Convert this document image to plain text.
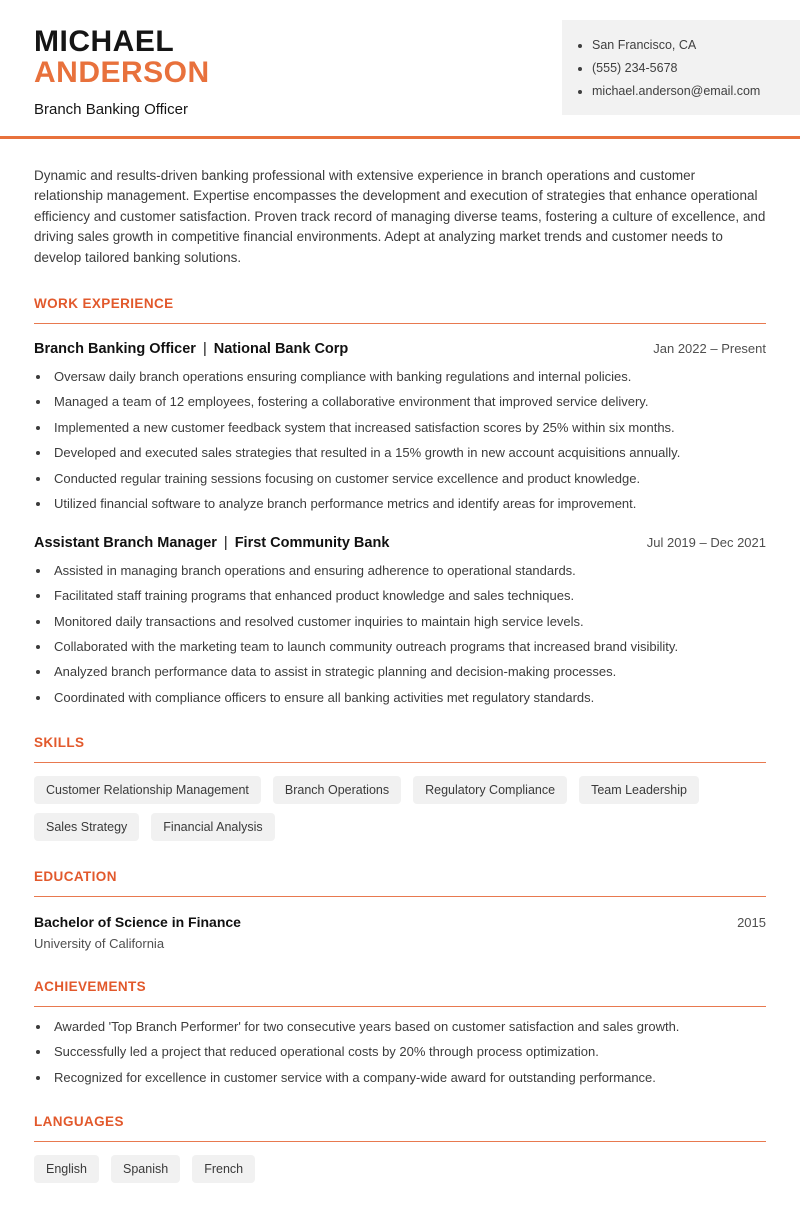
MICHAEL
ANDERSON
Branch Banking Officer
• San Francisco, CA
• (555) 234-5678
• michael.anderson@email.com

Dynamic and results-driven banking professional with extensive experience in branch operations and customer relationship management. Expertise encompasses the development and execution of strategies that enhance operational efficiency and customer satisfaction. Proven track record of managing diverse teams, fostering a culture of excellence, and driving sales growth in competitive financial environments. Adept at analyzing market trends and customer needs to develop tailored banking solutions.

WORK EXPERIENCE
Branch Banking Officer | National Bank Corp	Jan 2022 – Present
• Oversaw daily branch operations ensuring compliance with banking regulations and internal policies.
• Managed a team of 12 employees, fostering a collaborative environment that improved service delivery.
• Implemented a new customer feedback system that increased satisfaction scores by 25% within six months.
• Developed and executed sales strategies that resulted in a 15% growth in new account acquisitions annually.
• Conducted regular training sessions focusing on customer service excellence and product knowledge.
• Utilized financial software to analyze branch performance metrics and identify areas for improvement.
Assistant Branch Manager | First Community Bank	Jul 2019 – Dec 2021
• Assisted in managing branch operations and ensuring adherence to operational standards.
• Facilitated staff training programs that enhanced product knowledge and sales techniques.
• Monitored daily transactions and resolved customer inquiries to maintain high service levels.
• Collaborated with the marketing team to launch community outreach programs that increased brand visibility.
• Analyzed branch performance data to assist in strategic planning and decision-making processes.
• Coordinated with compliance officers to ensure all banking activities met regulatory standards.
SKILLS
Customer Relationship Management	Branch Operations	Regulatory Compliance	Team Leadership
Sales Strategy	Financial Analysis
EDUCATION
Bachelor of Science in Finance	2015
University of California
ACHIEVEMENTS
• Awarded 'Top Branch Performer' for two consecutive years based on customer satisfaction and sales growth.
• Successfully led a project that reduced operational costs by 20% through process optimization.
• Recognized for excellence in customer service with a company-wide award for outstanding performance.
LANGUAGES
English	Spanish	French
